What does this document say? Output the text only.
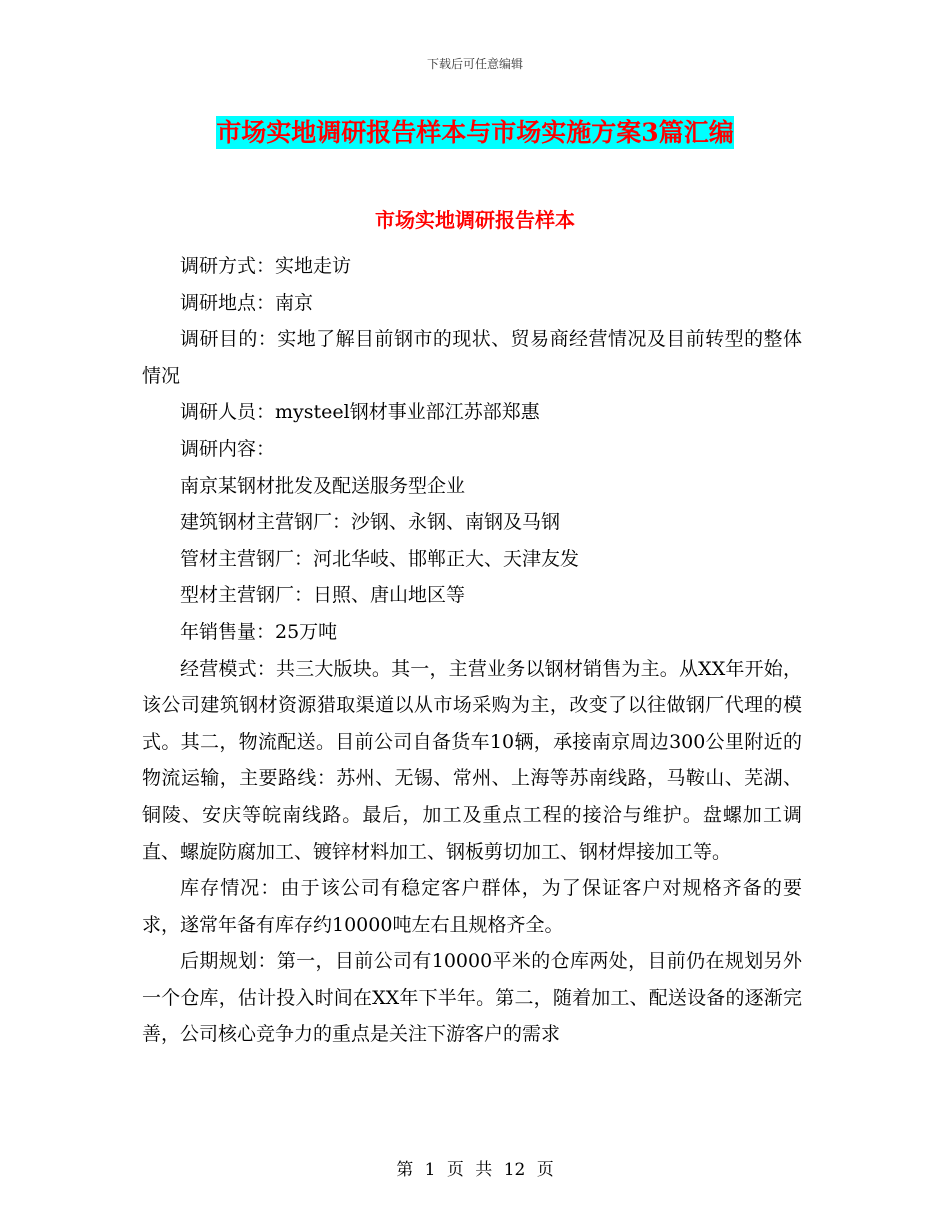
下载后可任意编辑
市场实地调研报告样本与市场实施方案3篇汇编
市场实地调研报告样本

调研方式：实地走访

调研地点：南京

调研目的：实地了解目前钢市的现状、贸易商经营情况及目前转型的整体情况

调研人员：mysteel钢材事业部江苏部郑惠

调研内容：

南京某钢材批发及配送服务型企业

建筑钢材主营钢厂：沙钢、永钢、南钢及马钢

管材主营钢厂：河北华岐、邯郸正大、天津友发

型材主营钢厂：日照、唐山地区等

年销售量：25万吨

经营模式：共三大版块。其一，主营业务以钢材销售为主。从XX年开始，该公司建筑钢材资源猎取渠道以从市场采购为主，改变了以往做钢厂代理的模式。其二，物流配送。目前公司自备货车10辆，承接南京周边300公里附近的物流运输，主要路线：苏州、无锡、常州、上海等苏南线路，马鞍山、芜湖、铜陵、安庆等皖南线路。最后，加工及重点工程的接洽与维护。盘螺加工调直、螺旋防腐加工、镀锌材料加工、钢板剪切加工、钢材焊接加工等。

库存情况：由于该公司有稳定客户群体，为了保证客户对规格齐备的要求，遂常年备有库存约10000吨左右且规格齐全。

后期规划：第一，目前公司有10000平米的仓库两处，目前仍在规划另外一个仓库，估计投入时间在XX年下半年。第二，随着加工、配送设备的逐渐完善，公司核心竞争力的重点是关注下游客户的需求

第 1 页 共 12 页
